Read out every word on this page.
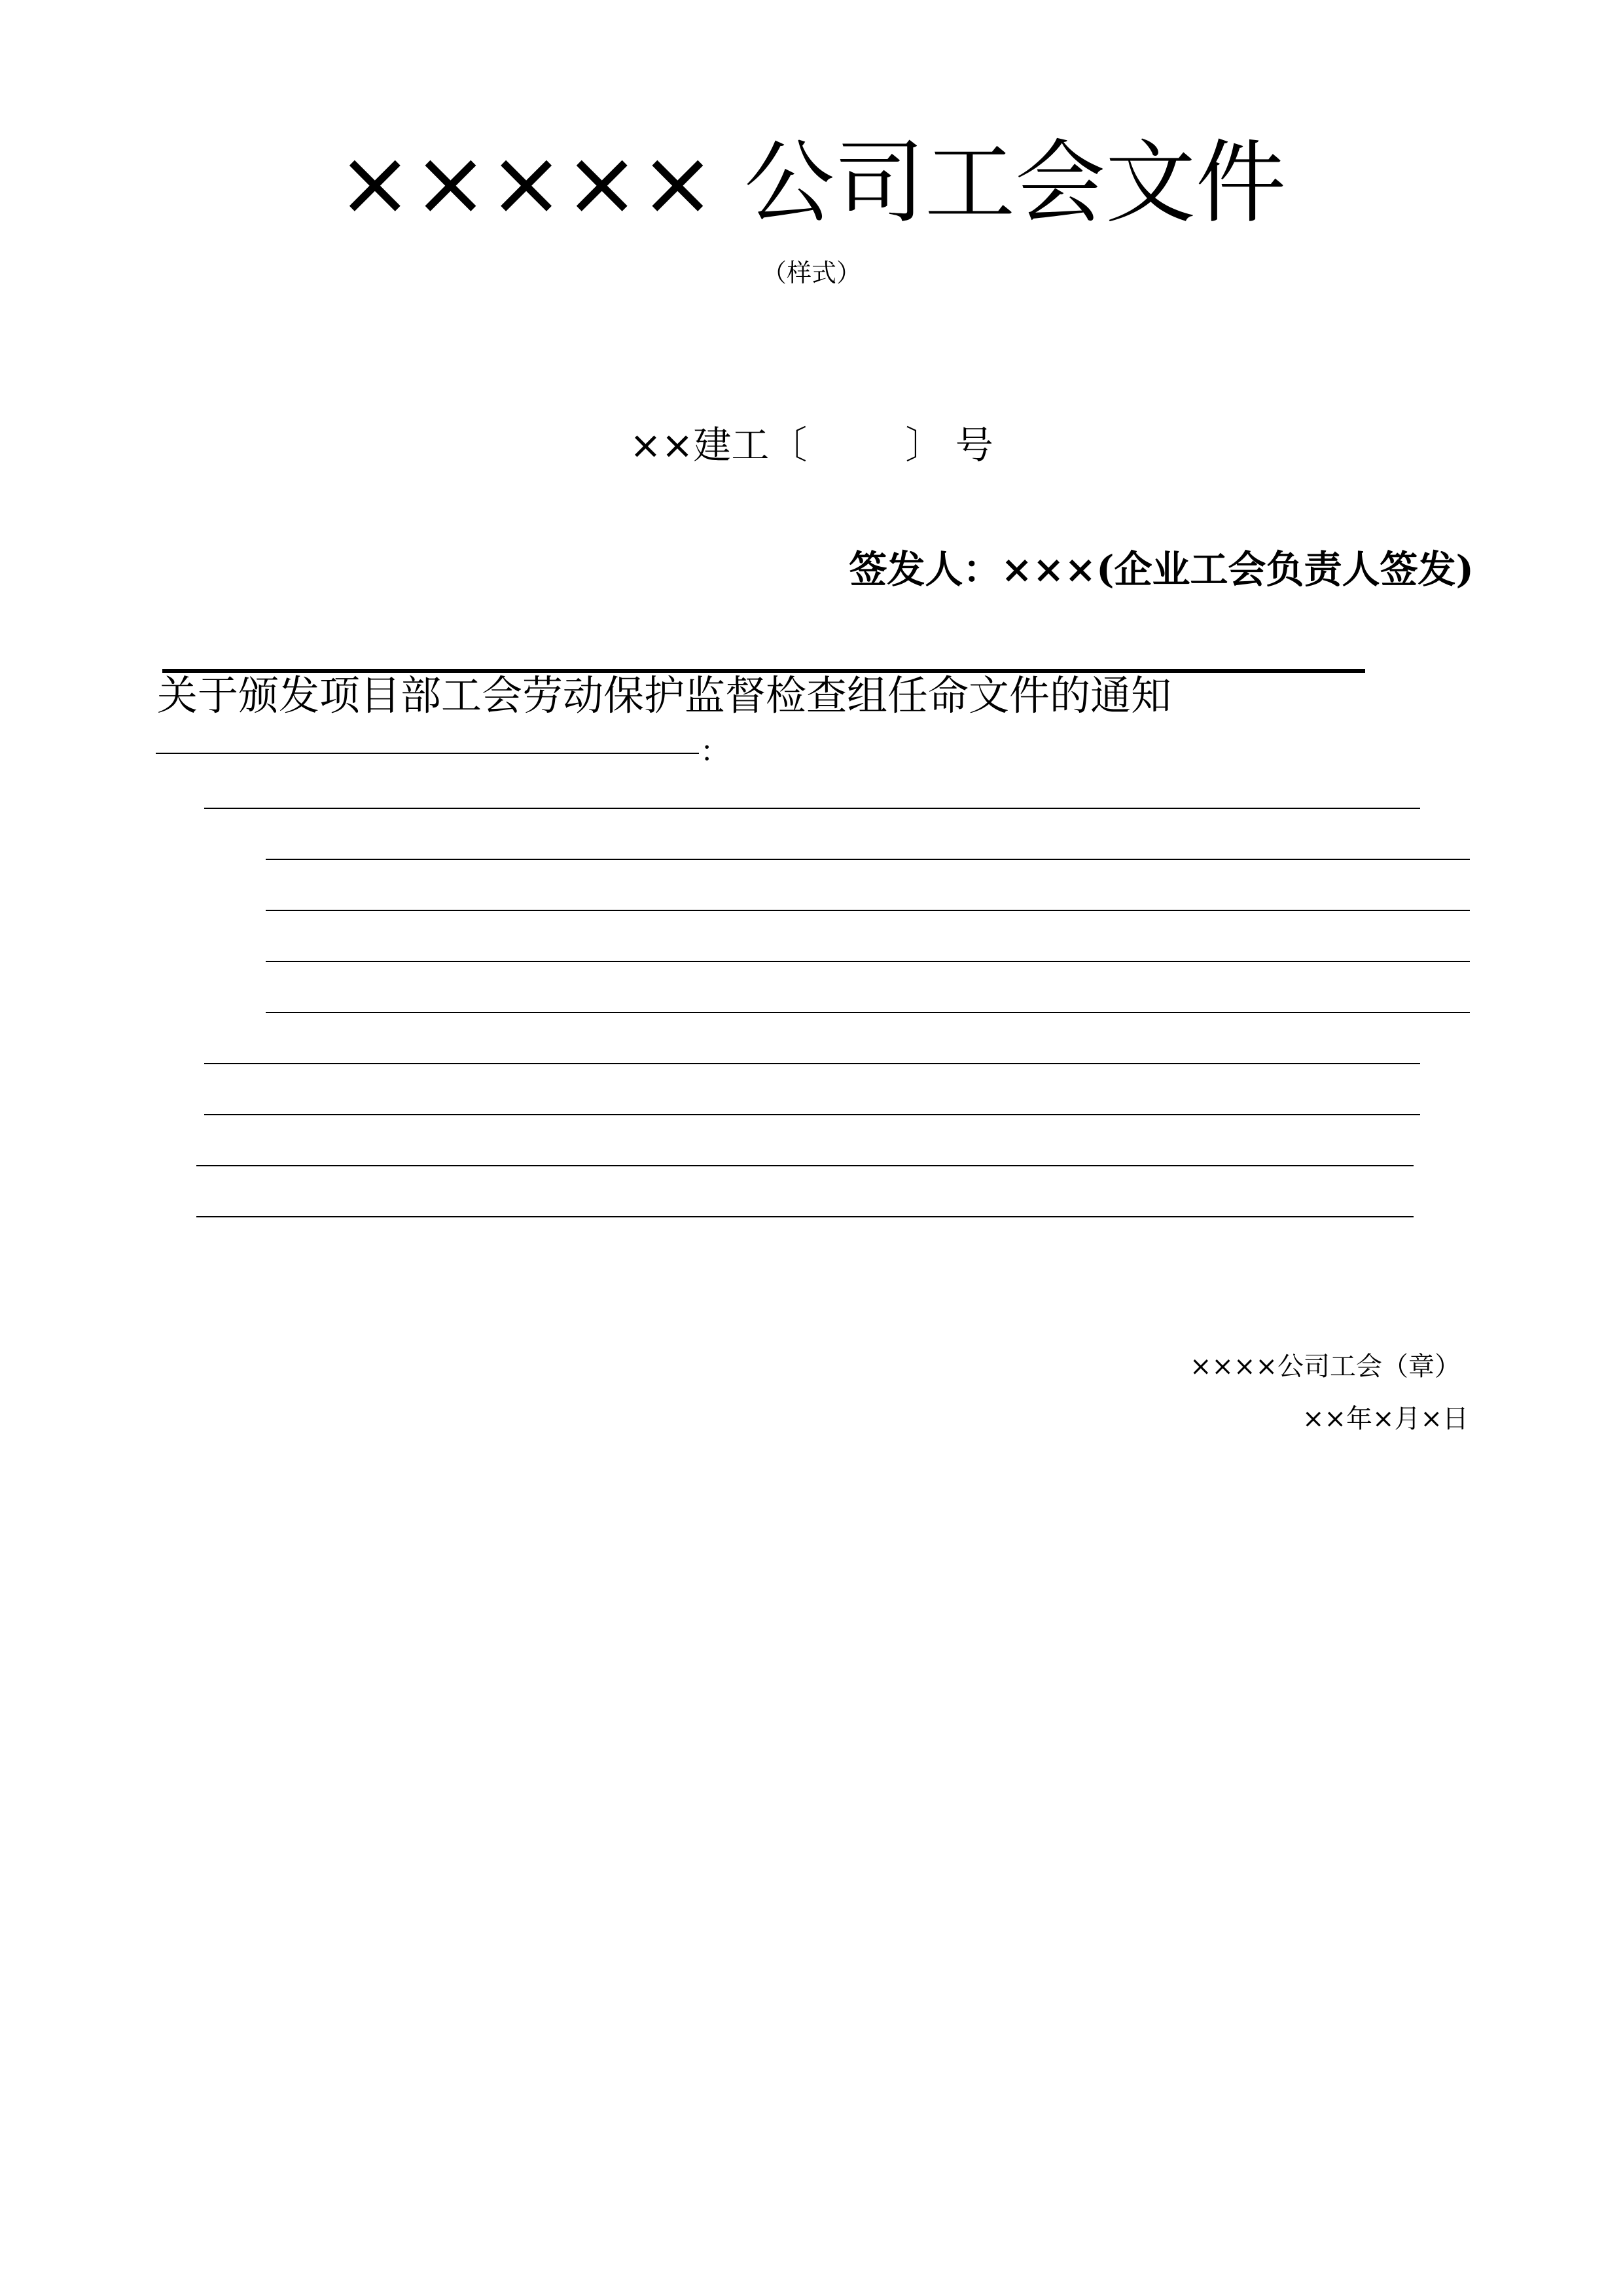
××××× 公司工会文件
（样式）
××建工〔	〕 号
签发人：×××(企业工会负责人签发)
关于颁发项目部工会劳动保护监督检查组任命文件的通知
：
××××公司工会（章）
××年×月×日
